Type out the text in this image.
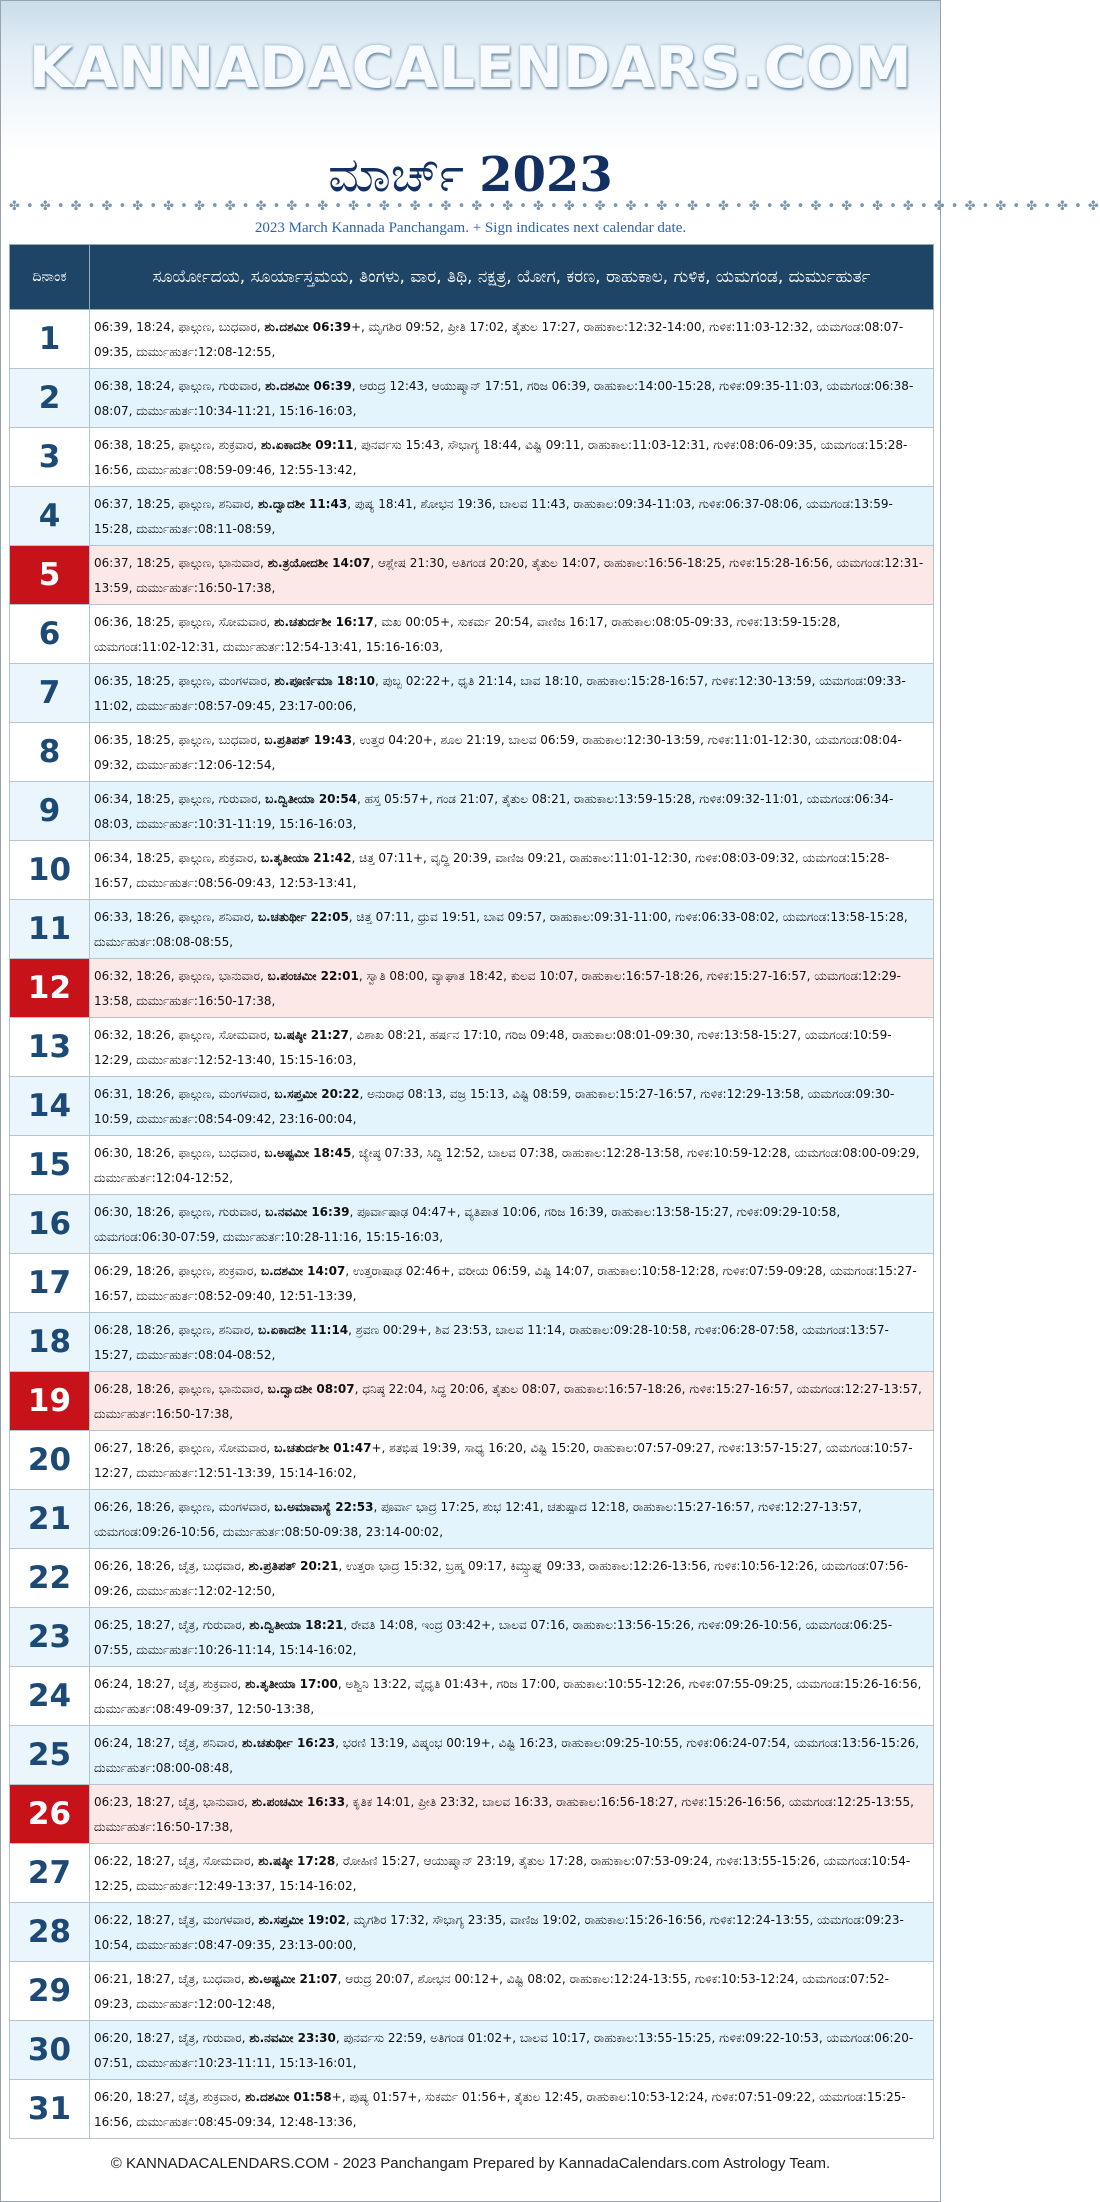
KANNADACALENDARS.COM
ಮಾರ್ಚ್ 2023
✤ • ✤ • ✤ • ✤ • ✤ • ✤ • ✤ • ✤ • ✤ • ✤ • ✤ • ✤ • ✤ • ✤ • ✤ • ✤ • ✤ • ✤ • ✤ • ✤ • ✤ • ✤ • ✤ • ✤ • ✤ • ✤ • ✤ • ✤ • ✤ • ✤ • ✤ • ✤ • ✤ • ✤ • ✤ • ✤
2023 March Kannada Panchangam. + Sign indicates next calendar date.
ದಿನಾಂಕ	ಸೂರ್ಯೋದಯ, ಸೂರ್ಯಾಸ್ತಮಯ, ತಿಂಗಳು, ವಾರ, ತಿಥಿ, ನಕ್ಷತ್ರ, ಯೋಗ, ಕರಣ, ರಾಹುಕಾಲ, ಗುಳಿಕ, ಯಮಗಂಡ, ದುರ್ಮುಹುರ್ತ
1	06:39, 18:24, ಫಾಲ್ಗುಣ, ಬುಧವಾರ, ಶು.ದಶಮೀ 06:39+, ಮೃಗಶಿರ 09:52, ಪ್ರೀತಿ 17:02, ತೈತುಲ 17:27, ರಾಹುಕಾಲ:12:32-14:00, ಗುಳಿಕ:11:03-12:32, ಯಮಗಂಡ:08:07-09:35, ದುರ್ಮುಹುರ್ತ:12:08-12:55,
2	06:38, 18:24, ಫಾಲ್ಗುಣ, ಗುರುವಾರ, ಶು.ದಶಮೀ 06:39, ಆರುದ್ರ 12:43, ಆಯುಷ್ಮಾನ್ 17:51, ಗರಿಜ 06:39, ರಾಹುಕಾಲ:14:00-15:28, ಗುಳಿಕ:09:35-11:03, ಯಮಗಂಡ:06:38-08:07, ದುರ್ಮುಹುರ್ತ:10:34-11:21, 15:16-16:03,
3	06:38, 18:25, ಫಾಲ್ಗುಣ, ಶುಕ್ರವಾರ, ಶು.ಏಕಾದಶೀ 09:11, ಪುನರ್ವಸು 15:43, ಸೌಭಾಗ್ಯ 18:44, ವಿಷ್ಟಿ 09:11, ರಾಹುಕಾಲ:11:03-12:31, ಗುಳಿಕ:08:06-09:35, ಯಮಗಂಡ:15:28-16:56, ದುರ್ಮುಹುರ್ತ:08:59-09:46, 12:55-13:42,
4	06:37, 18:25, ಫಾಲ್ಗುಣ, ಶನಿವಾರ, ಶು.ದ್ವಾದಶೀ 11:43, ಪುಷ್ಯ 18:41, ಶೋಭನ 19:36, ಬಾಲವ 11:43, ರಾಹುಕಾಲ:09:34-11:03, ಗುಳಿಕ:06:37-08:06, ಯಮಗಂಡ:13:59-15:28, ದುರ್ಮುಹುರ್ತ:08:11-08:59,
5	06:37, 18:25, ಫಾಲ್ಗುಣ, ಭಾನುವಾರ, ಶು.ತ್ರಯೋದಶೀ 14:07, ಆಶ್ಲೇಷ 21:30, ಅತಿಗಂಡ 20:20, ತೈತುಲ 14:07, ರಾಹುಕಾಲ:16:56-18:25, ಗುಳಿಕ:15:28-16:56, ಯಮಗಂಡ:12:31-13:59, ದುರ್ಮುಹುರ್ತ:16:50-17:38,
6	06:36, 18:25, ಫಾಲ್ಗುಣ, ಸೋಮವಾರ, ಶು.ಚತುರ್ದಶೀ 16:17, ಮಖ 00:05+, ಸುಕರ್ಮ 20:54, ವಾಣಿಜ 16:17, ರಾಹುಕಾಲ:08:05-09:33, ಗುಳಿಕ:13:59-15:28, ಯಮಗಂಡ:11:02-12:31, ದುರ್ಮುಹುರ್ತ:12:54-13:41, 15:16-16:03,
7	06:35, 18:25, ಫಾಲ್ಗುಣ, ಮಂಗಳವಾರ, ಶು.ಪೂರ್ಣಿಮಾ 18:10, ಪುಬ್ಬ 02:22+, ಧೃತಿ 21:14, ಬಾವ 18:10, ರಾಹುಕಾಲ:15:28-16:57, ಗುಳಿಕ:12:30-13:59, ಯಮಗಂಡ:09:33-11:02, ದುರ್ಮುಹುರ್ತ:08:57-09:45, 23:17-00:06,
8	06:35, 18:25, ಫಾಲ್ಗುಣ, ಬುಧವಾರ, ಬ.ಪ್ರತಿಪತ್ 19:43, ಉತ್ತರ 04:20+, ಶೂಲ 21:19, ಬಾಲವ 06:59, ರಾಹುಕಾಲ:12:30-13:59, ಗುಳಿಕ:11:01-12:30, ಯಮಗಂಡ:08:04-09:32, ದುರ್ಮುಹುರ್ತ:12:06-12:54,
9	06:34, 18:25, ಫಾಲ್ಗುಣ, ಗುರುವಾರ, ಬ.ದ್ವಿತೀಯಾ 20:54, ಹಸ್ತ 05:57+, ಗಂಡ 21:07, ತೈತುಲ 08:21, ರಾಹುಕಾಲ:13:59-15:28, ಗುಳಿಕ:09:32-11:01, ಯಮಗಂಡ:06:34-08:03, ದುರ್ಮುಹುರ್ತ:10:31-11:19, 15:16-16:03,
10	06:34, 18:25, ಫಾಲ್ಗುಣ, ಶುಕ್ರವಾರ, ಬ.ತೃತೀಯಾ 21:42, ಚಿತ್ತ 07:11+, ವೃದ್ಧಿ 20:39, ವಾಣಿಜ 09:21, ರಾಹುಕಾಲ:11:01-12:30, ಗುಳಿಕ:08:03-09:32, ಯಮಗಂಡ:15:28-16:57, ದುರ್ಮುಹುರ್ತ:08:56-09:43, 12:53-13:41,
11	06:33, 18:26, ಫಾಲ್ಗುಣ, ಶನಿವಾರ, ಬ.ಚತುರ್ಥೀ 22:05, ಚಿತ್ತ 07:11, ಧ್ರುವ 19:51, ಬಾವ 09:57, ರಾಹುಕಾಲ:09:31-11:00, ಗುಳಿಕ:06:33-08:02, ಯಮಗಂಡ:13:58-15:28, ದುರ್ಮುಹುರ್ತ:08:08-08:55,
12	06:32, 18:26, ಫಾಲ್ಗುಣ, ಭಾನುವಾರ, ಬ.ಪಂಚಮೀ 22:01, ಸ್ವಾತಿ 08:00, ವ್ಯಾಘಾತ 18:42, ಕುಲವ 10:07, ರಾಹುಕಾಲ:16:57-18:26, ಗುಳಿಕ:15:27-16:57, ಯಮಗಂಡ:12:29-13:58, ದುರ್ಮುಹುರ್ತ:16:50-17:38,
13	06:32, 18:26, ಫಾಲ್ಗುಣ, ಸೋಮವಾರ, ಬ.ಷಷ್ಠೀ 21:27, ವಿಶಾಖ 08:21, ಹರ್ಷನ 17:10, ಗರಿಜ 09:48, ರಾಹುಕಾಲ:08:01-09:30, ಗುಳಿಕ:13:58-15:27, ಯಮಗಂಡ:10:59-12:29, ದುರ್ಮುಹುರ್ತ:12:52-13:40, 15:15-16:03,
14	06:31, 18:26, ಫಾಲ್ಗುಣ, ಮಂಗಳವಾರ, ಬ.ಸಪ್ತಮೀ 20:22, ಅನುರಾಧ 08:13, ವಜ್ರ 15:13, ವಿಷ್ಟಿ 08:59, ರಾಹುಕಾಲ:15:27-16:57, ಗುಳಿಕ:12:29-13:58, ಯಮಗಂಡ:09:30-10:59, ದುರ್ಮುಹುರ್ತ:08:54-09:42, 23:16-00:04,
15	06:30, 18:26, ಫಾಲ್ಗುಣ, ಬುಧವಾರ, ಬ.ಅಷ್ಟಮೀ 18:45, ಜ್ಯೇಷ್ಠ 07:33, ಸಿದ್ಧಿ 12:52, ಬಾಲವ 07:38, ರಾಹುಕಾಲ:12:28-13:58, ಗುಳಿಕ:10:59-12:28, ಯಮಗಂಡ:08:00-09:29, ದುರ್ಮುಹುರ್ತ:12:04-12:52,
16	06:30, 18:26, ಫಾಲ್ಗುಣ, ಗುರುವಾರ, ಬ.ನವಮೀ 16:39, ಪೂರ್ವಾಷಾಢ 04:47+, ವ್ಯತಿಪಾತ 10:06, ಗರಿಜ 16:39, ರಾಹುಕಾಲ:13:58-15:27, ಗುಳಿಕ:09:29-10:58, ಯಮಗಂಡ:06:30-07:59, ದುರ್ಮುಹುರ್ತ:10:28-11:16, 15:15-16:03,
17	06:29, 18:26, ಫಾಲ್ಗುಣ, ಶುಕ್ರವಾರ, ಬ.ದಶಮೀ 14:07, ಉತ್ತರಾಷಾಢ 02:46+, ವರೀಯ 06:59, ವಿಷ್ಟಿ 14:07, ರಾಹುಕಾಲ:10:58-12:28, ಗುಳಿಕ:07:59-09:28, ಯಮಗಂಡ:15:27-16:57, ದುರ್ಮುಹುರ್ತ:08:52-09:40, 12:51-13:39,
18	06:28, 18:26, ಫಾಲ್ಗುಣ, ಶನಿವಾರ, ಬ.ಏಕಾದಶೀ 11:14, ಶ್ರವಣ 00:29+, ಶಿವ 23:53, ಬಾಲವ 11:14, ರಾಹುಕಾಲ:09:28-10:58, ಗುಳಿಕ:06:28-07:58, ಯಮಗಂಡ:13:57-15:27, ದುರ್ಮುಹುರ್ತ:08:04-08:52,
19	06:28, 18:26, ಫಾಲ್ಗುಣ, ಭಾನುವಾರ, ಬ.ದ್ವಾದಶೀ 08:07, ಧನಿಷ್ಠ 22:04, ಸಿದ್ಧ 20:06, ತೈತುಲ 08:07, ರಾಹುಕಾಲ:16:57-18:26, ಗುಳಿಕ:15:27-16:57, ಯಮಗಂಡ:12:27-13:57, ದುರ್ಮುಹುರ್ತ:16:50-17:38,
20	06:27, 18:26, ಫಾಲ್ಗುಣ, ಸೋಮವಾರ, ಬ.ಚತುರ್ದಶೀ 01:47+, ಶತಭಿಷ 19:39, ಸಾಧ್ಯ 16:20, ವಿಷ್ಟಿ 15:20, ರಾಹುಕಾಲ:07:57-09:27, ಗುಳಿಕ:13:57-15:27, ಯಮಗಂಡ:10:57-12:27, ದುರ್ಮುಹುರ್ತ:12:51-13:39, 15:14-16:02,
21	06:26, 18:26, ಫಾಲ್ಗುಣ, ಮಂಗಳವಾರ, ಬ.ಅಮಾವಾಸ್ಯೆ 22:53, ಪೂರ್ವಾ ಭಾದ್ರ 17:25, ಶುಭ 12:41, ಚತುಷ್ಪಾದ 12:18, ರಾಹುಕಾಲ:15:27-16:57, ಗುಳಿಕ:12:27-13:57, ಯಮಗಂಡ:09:26-10:56, ದುರ್ಮುಹುರ್ತ:08:50-09:38, 23:14-00:02,
22	06:26, 18:26, ಚೈತ್ರ, ಬುಧವಾರ, ಶು.ಪ್ರತಿಪತ್ 20:21, ಉತ್ತರಾ ಭಾದ್ರ 15:32, ಬ್ರಹ್ಮ 09:17, ಕಿಮ್ಸ್ತುಘ್ನ 09:33, ರಾಹುಕಾಲ:12:26-13:56, ಗುಳಿಕ:10:56-12:26, ಯಮಗಂಡ:07:56-09:26, ದುರ್ಮುಹುರ್ತ:12:02-12:50,
23	06:25, 18:27, ಚೈತ್ರ, ಗುರುವಾರ, ಶು.ದ್ವಿತೀಯಾ 18:21, ರೇವತಿ 14:08, ಇಂದ್ರ 03:42+, ಬಾಲವ 07:16, ರಾಹುಕಾಲ:13:56-15:26, ಗುಳಿಕ:09:26-10:56, ಯಮಗಂಡ:06:25-07:55, ದುರ್ಮುಹುರ್ತ:10:26-11:14, 15:14-16:02,
24	06:24, 18:27, ಚೈತ್ರ, ಶುಕ್ರವಾರ, ಶು.ತೃತೀಯಾ 17:00, ಅಶ್ವಿನಿ 13:22, ವೈಧೃತಿ 01:43+, ಗರಿಜ 17:00, ರಾಹುಕಾಲ:10:55-12:26, ಗುಳಿಕ:07:55-09:25, ಯಮಗಂಡ:15:26-16:56, ದುರ್ಮುಹುರ್ತ:08:49-09:37, 12:50-13:38,
25	06:24, 18:27, ಚೈತ್ರ, ಶನಿವಾರ, ಶು.ಚತುರ್ಥೀ 16:23, ಭರಣಿ 13:19, ವಿಷ್ಕಂಭ 00:19+, ವಿಷ್ಟಿ 16:23, ರಾಹುಕಾಲ:09:25-10:55, ಗುಳಿಕ:06:24-07:54, ಯಮಗಂಡ:13:56-15:26, ದುರ್ಮುಹುರ್ತ:08:00-08:48,
26	06:23, 18:27, ಚೈತ್ರ, ಭಾನುವಾರ, ಶು.ಪಂಚಮೀ 16:33, ಕೃತಿಕ 14:01, ಪ್ರೀತಿ 23:32, ಬಾಲವ 16:33, ರಾಹುಕಾಲ:16:56-18:27, ಗುಳಿಕ:15:26-16:56, ಯಮಗಂಡ:12:25-13:55, ದುರ್ಮುಹುರ್ತ:16:50-17:38,
27	06:22, 18:27, ಚೈತ್ರ, ಸೋಮವಾರ, ಶು.ಷಷ್ಠೀ 17:28, ರೋಹಿಣಿ 15:27, ಆಯುಷ್ಮಾನ್ 23:19, ತೈತುಲ 17:28, ರಾಹುಕಾಲ:07:53-09:24, ಗುಳಿಕ:13:55-15:26, ಯಮಗಂಡ:10:54-12:25, ದುರ್ಮುಹುರ್ತ:12:49-13:37, 15:14-16:02,
28	06:22, 18:27, ಚೈತ್ರ, ಮಂಗಳವಾರ, ಶು.ಸಪ್ತಮೀ 19:02, ಮೃಗಶಿರ 17:32, ಸೌಭಾಗ್ಯ 23:35, ವಾಣಿಜ 19:02, ರಾಹುಕಾಲ:15:26-16:56, ಗುಳಿಕ:12:24-13:55, ಯಮಗಂಡ:09:23-10:54, ದುರ್ಮುಹುರ್ತ:08:47-09:35, 23:13-00:00,
29	06:21, 18:27, ಚೈತ್ರ, ಬುಧವಾರ, ಶು.ಅಷ್ಟಮೀ 21:07, ಆರುದ್ರ 20:07, ಶೋಭನ 00:12+, ವಿಷ್ಟಿ 08:02, ರಾಹುಕಾಲ:12:24-13:55, ಗುಳಿಕ:10:53-12:24, ಯಮಗಂಡ:07:52-09:23, ದುರ್ಮುಹುರ್ತ:12:00-12:48,
30	06:20, 18:27, ಚೈತ್ರ, ಗುರುವಾರ, ಶು.ನವಮೀ 23:30, ಪುನರ್ವಸು 22:59, ಅತಿಗಂಡ 01:02+, ಬಾಲವ 10:17, ರಾಹುಕಾಲ:13:55-15:25, ಗುಳಿಕ:09:22-10:53, ಯಮಗಂಡ:06:20-07:51, ದುರ್ಮುಹುರ್ತ:10:23-11:11, 15:13-16:01,
31	06:20, 18:27, ಚೈತ್ರ, ಶುಕ್ರವಾರ, ಶು.ದಶಮೀ 01:58+, ಪುಷ್ಯ 01:57+, ಸುಕರ್ಮ 01:56+, ತೈತುಲ 12:45, ರಾಹುಕಾಲ:10:53-12:24, ಗುಳಿಕ:07:51-09:22, ಯಮಗಂಡ:15:25-16:56, ದುರ್ಮುಹುರ್ತ:08:45-09:34, 12:48-13:36,
© KANNADACALENDARS.COM - 2023 Panchangam Prepared by KannadaCalendars.com Astrology Team.
